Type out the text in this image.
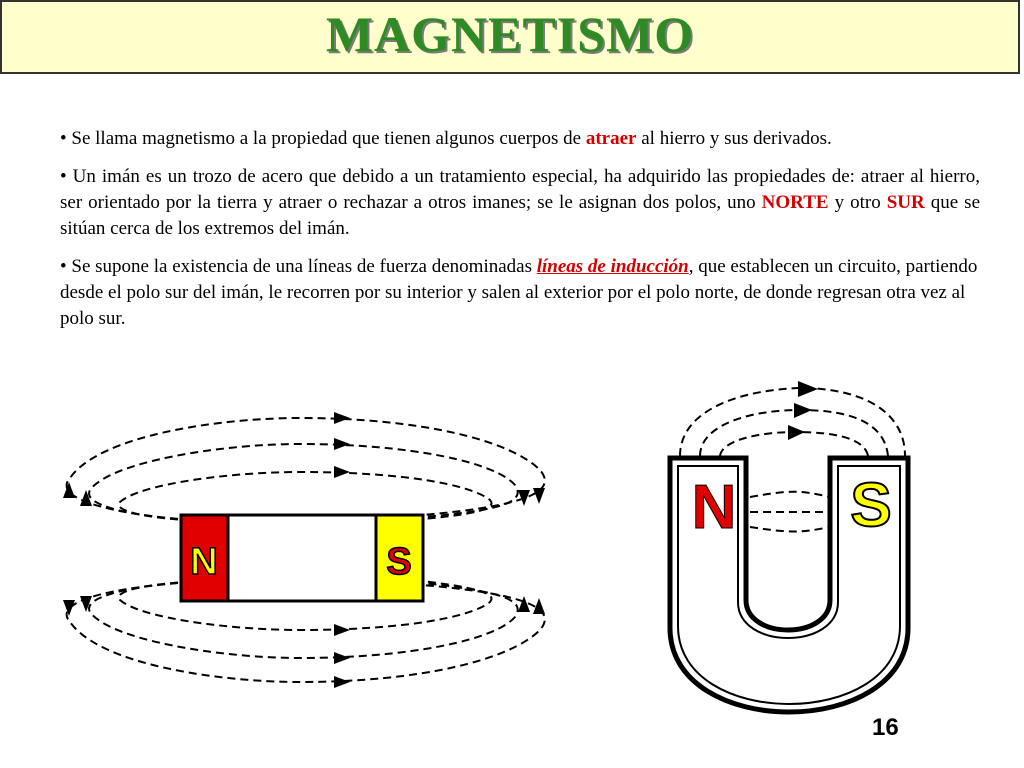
MAGNETISMO

• Se llama magnetismo a la propiedad que tienen algunos cuerpos de atraer al hierro y sus derivados.

• Un imán es un trozo de acero que debido a un tratamiento especial, ha adquirido las propiedades de: atraer al hierro, ser orientado por la tierra y atraer o rechazar a otros imanes; se le asignan dos polos, uno NORTE y otro SUR que se sitúan cerca de los extremos del imán.

• Se supone la existencia de una líneas de fuerza denominadas líneas de inducción, que establecen un circuito, partiendo desde el polo sur del imán, le recorren por su interior y salen al exterior por el polo norte, de donde regresan otra vez al polo sur.

N	S
N S
16
